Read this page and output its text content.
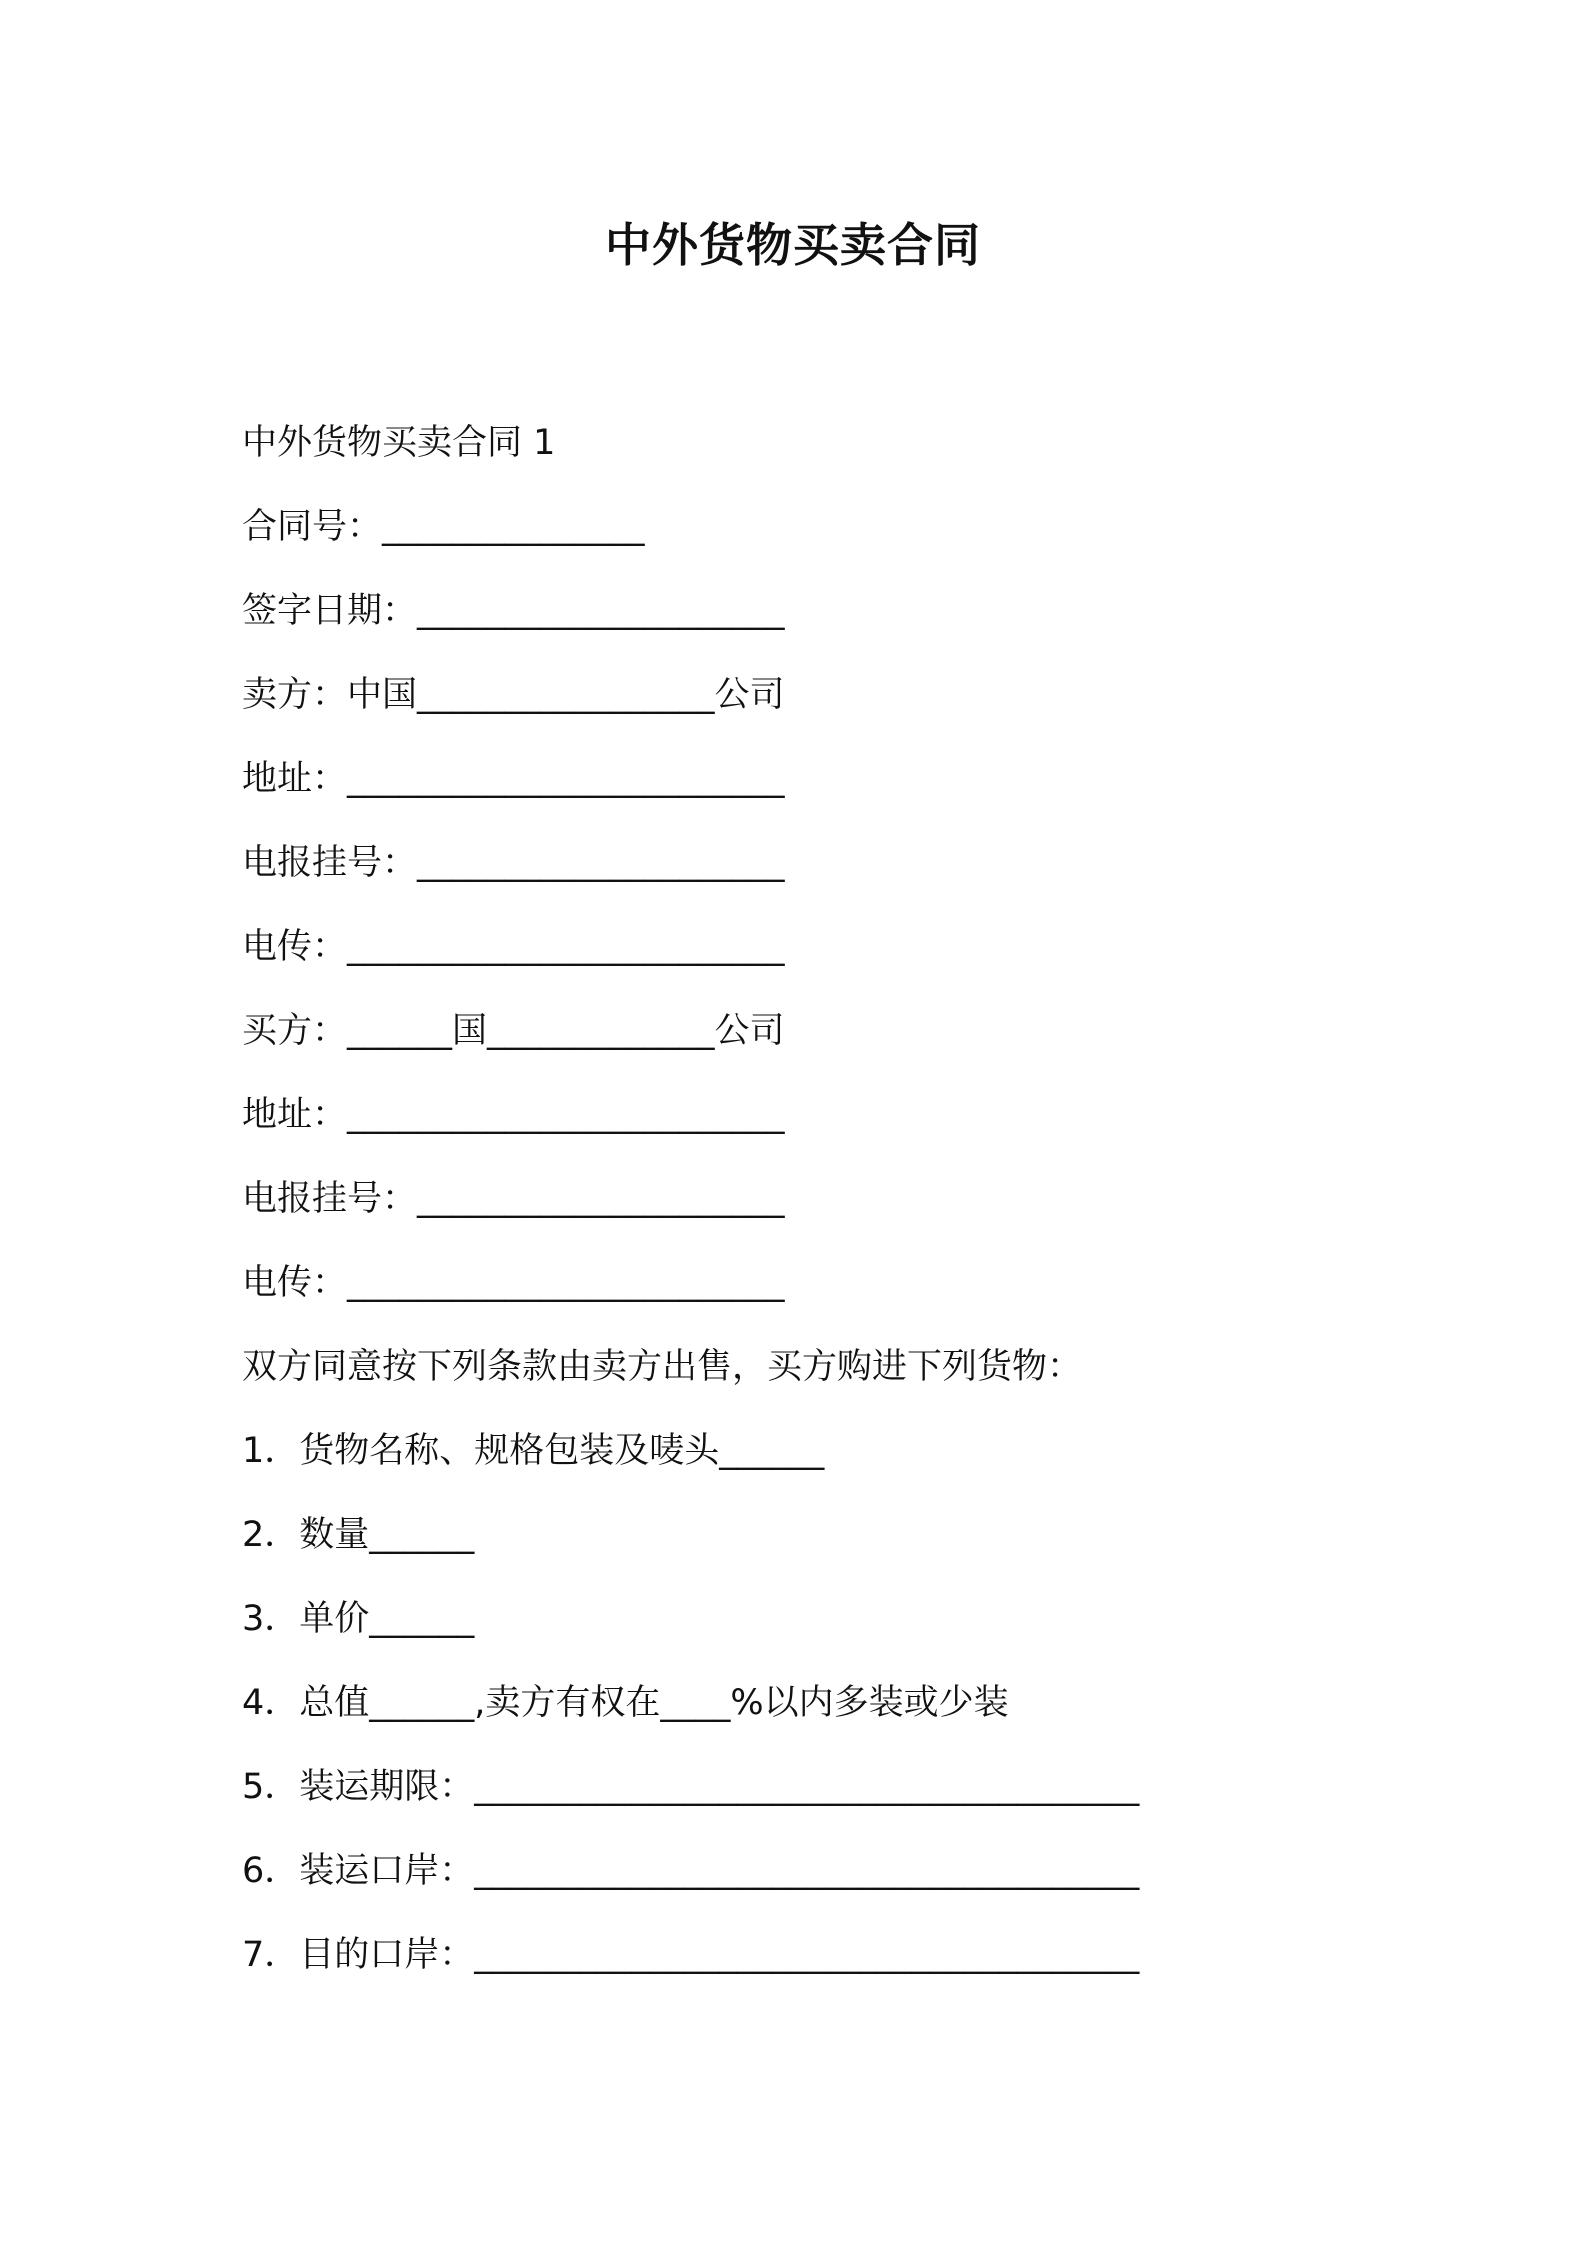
中外货物买卖合同
中外货物买卖合同 1
合同号：_______________
签字日期：_____________________
卖方：中国_________________公司
地址：_________________________
电报挂号：_____________________
电传：_________________________
买方：______国_____________公司
地址：_________________________
电报挂号：_____________________
电传：_________________________
双方同意按下列条款由卖方出售，买方购进下列货物：
1．货物名称、规格包装及唛头______
2．数量______
3．单价______
4．总值______,卖方有权在____%以内多装或少装
5．装运期限：______________________________________
6．装运口岸：______________________________________
7．目的口岸：______________________________________
